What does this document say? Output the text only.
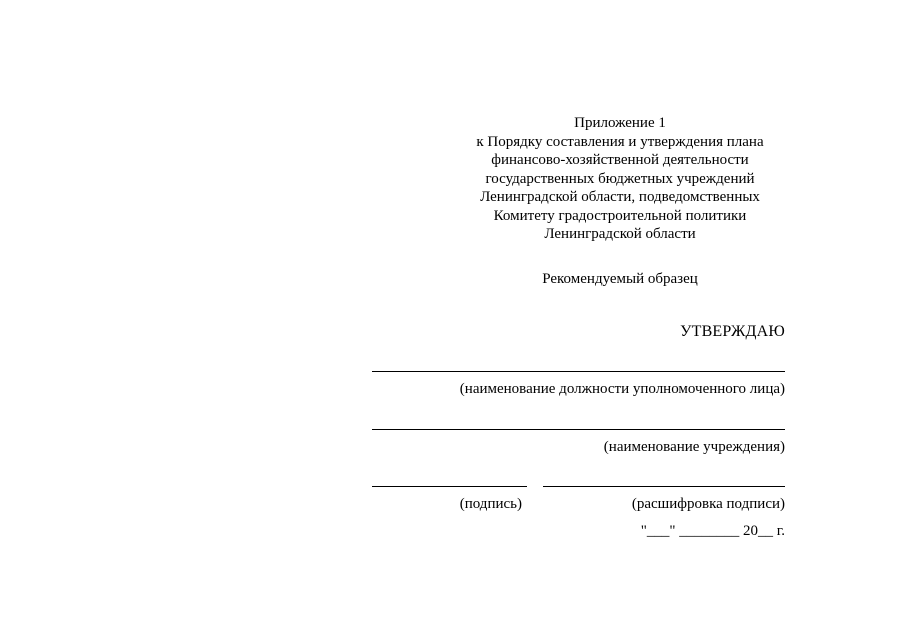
Приложение 1
к Порядку составления и утверждения плана
финансово-хозяйственной деятельности
государственных бюджетных учреждений
Ленинградской области, подведомственных
Комитету градостроительной политики
Ленинградской области
Рекомендуемый образец
УТВЕРЖДАЮ
(наименование должности уполномоченного лица)
(наименование учреждения)
(подпись)	(расшифровка подписи)
"___" ________ 20__ г.
